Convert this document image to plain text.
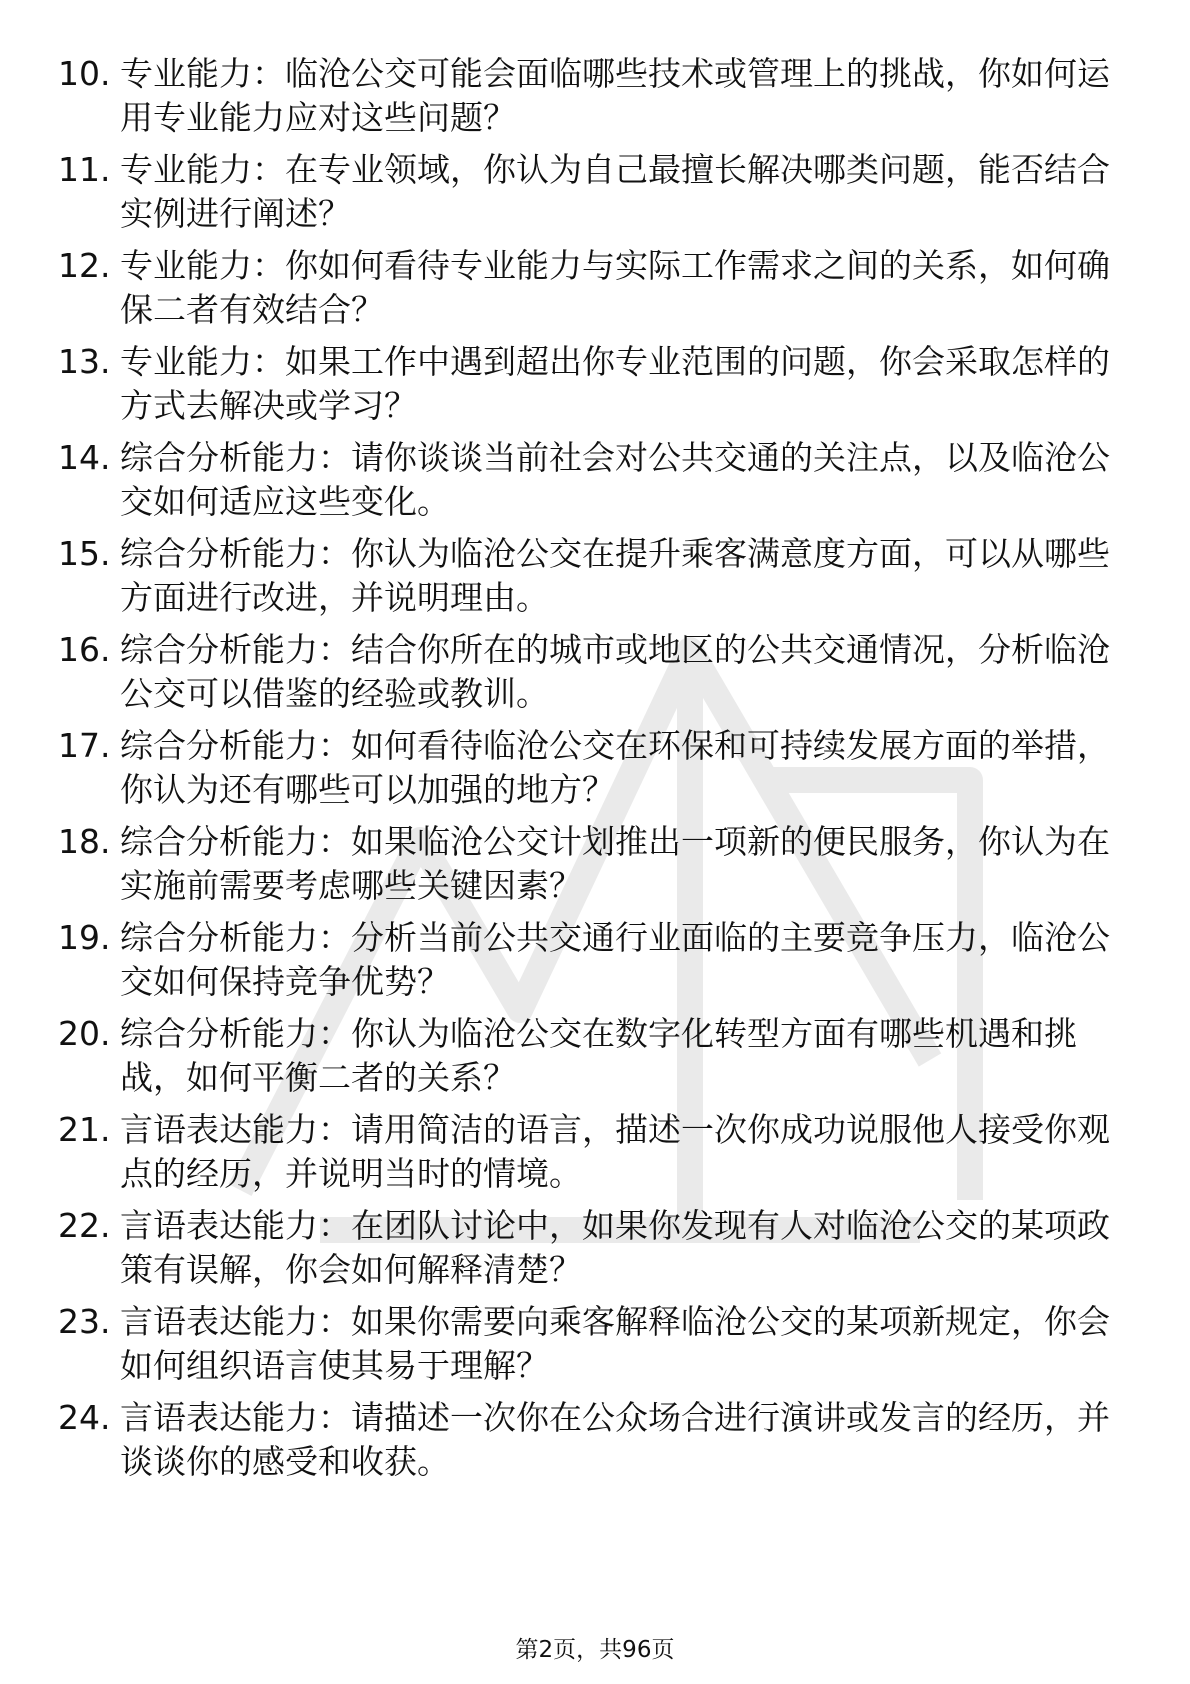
10. 专业能力：临沧公交可能会面临哪些技术或管理上的挑战，你如何运用专业能力应对这些问题？
11. 专业能力：在专业领域，你认为自己最擅长解决哪类问题，能否结合实例进行阐述？
12. 专业能力：你如何看待专业能力与实际工作需求之间的关系，如何确保二者有效结合？
13. 专业能力：如果工作中遇到超出你专业范围的问题，你会采取怎样的方式去解决或学习？
14. 综合分析能力：请你谈谈当前社会对公共交通的关注点，以及临沧公交如何适应这些变化。
15. 综合分析能力：你认为临沧公交在提升乘客满意度方面，可以从哪些方面进行改进，并说明理由。
16. 综合分析能力：结合你所在的城市或地区的公共交通情况，分析临沧公交可以借鉴的经验或教训。
17. 综合分析能力：如何看待临沧公交在环保和可持续发展方面的举措，你认为还有哪些可以加强的地方？
18. 综合分析能力：如果临沧公交计划推出一项新的便民服务，你认为在实施前需要考虑哪些关键因素？
19. 综合分析能力：分析当前公共交通行业面临的主要竞争压力，临沧公交如何保持竞争优势？
20. 综合分析能力：你认为临沧公交在数字化转型方面有哪些机遇和挑战，如何平衡二者的关系？
21. 言语表达能力：请用简洁的语言，描述一次你成功说服他人接受你观点的经历，并说明当时的情境。
22. 言语表达能力：在团队讨论中，如果你发现有人对临沧公交的某项政策有误解，你会如何解释清楚？
23. 言语表达能力：如果你需要向乘客解释临沧公交的某项新规定，你会如何组织语言使其易于理解？
24. 言语表达能力：请描述一次你在公众场合进行演讲或发言的经历，并谈谈你的感受和收获。
第2页，共96页
